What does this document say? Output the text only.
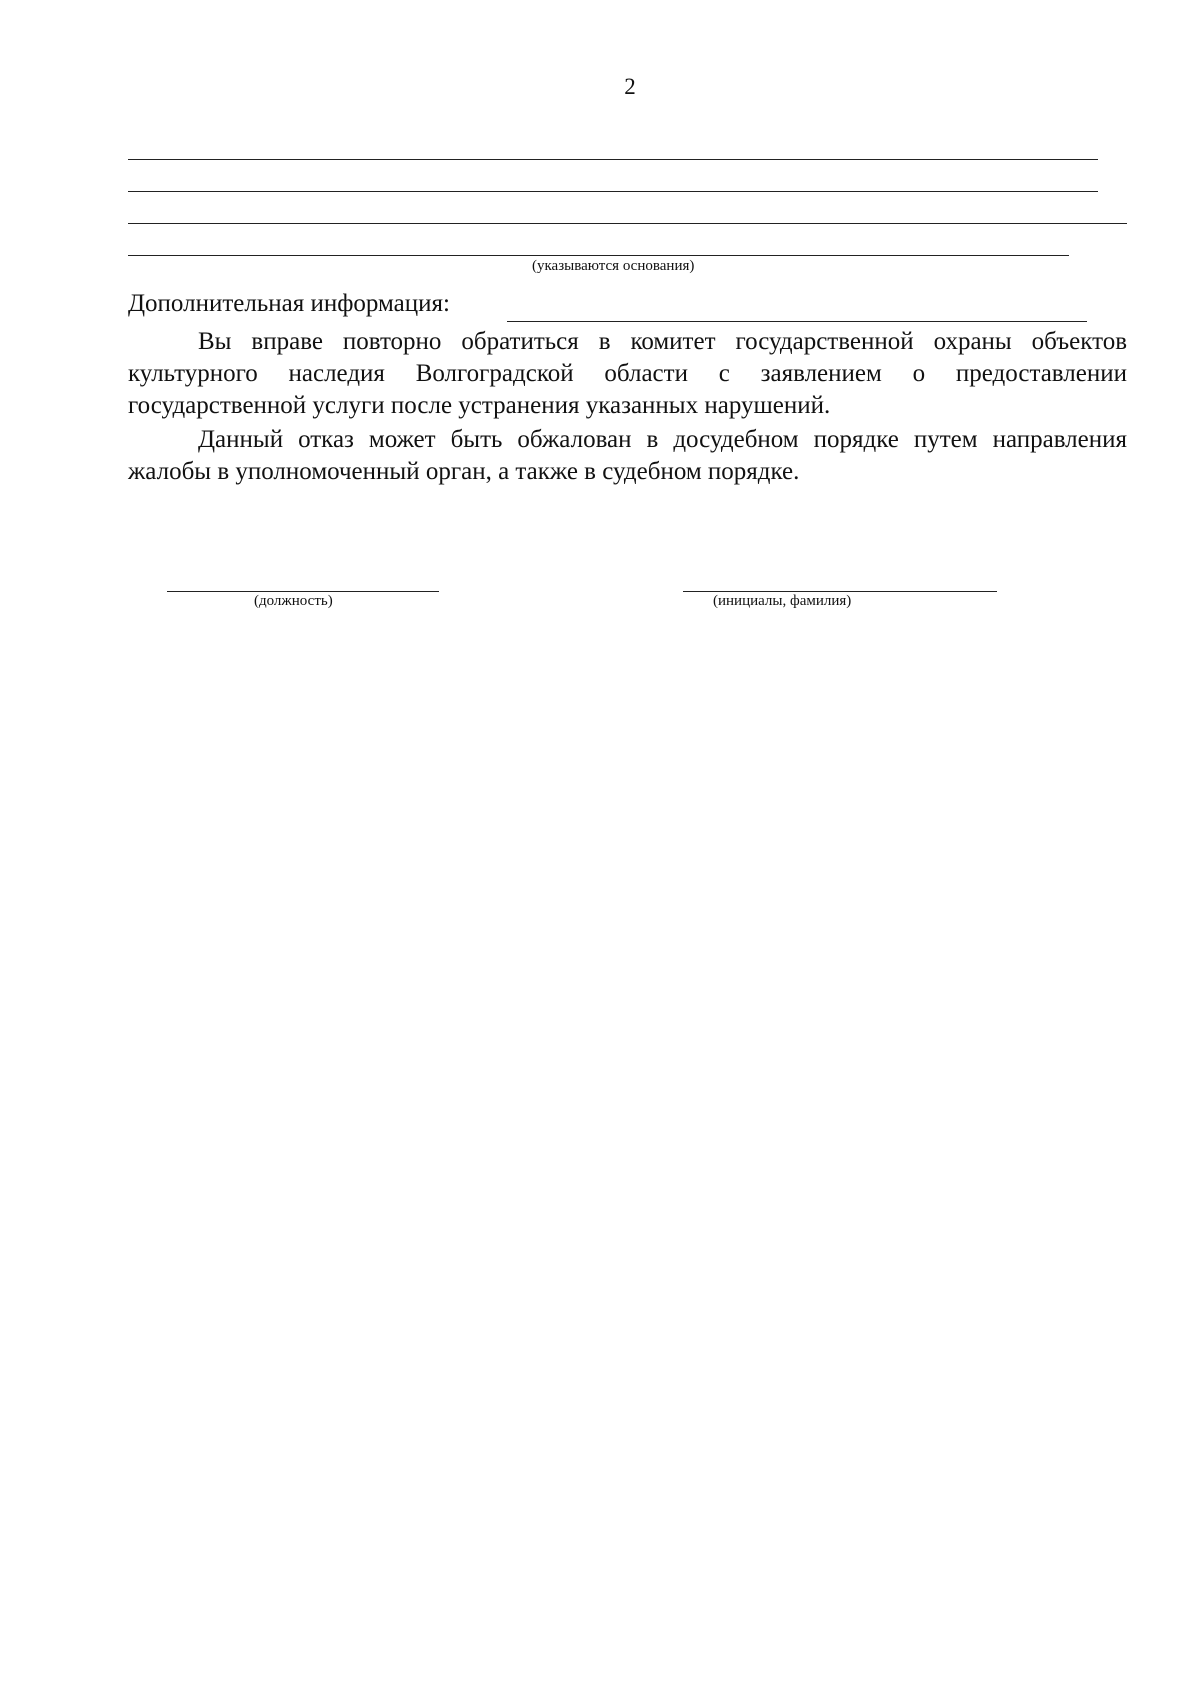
2
(указываются основания)
Дополнительная информация:

Вы вправе повторно обратиться в комитет государственной охраны объектов культурного наследия Волгоградской области с заявлением о предоставлении государственной услуги после устранения указанных нарушений.

Данный отказ может быть обжалован в досудебном порядке путем направления жалобы в уполномоченный орган, а также в судебном порядке.

(должность)	(инициалы, фамилия)
